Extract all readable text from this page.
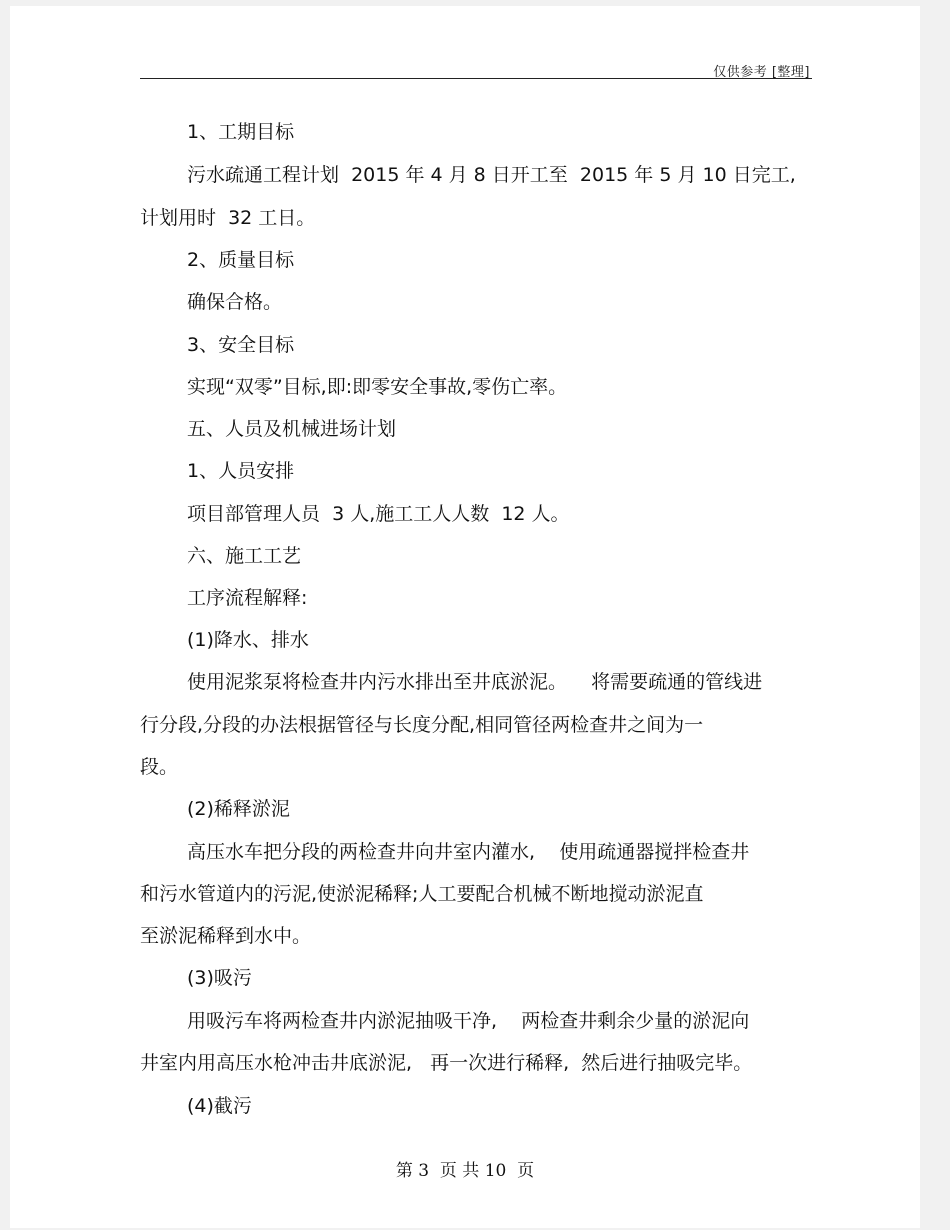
仅供参考 [整理]
1、工期目标
污水疏通工程计划  2015 年 4 月 8 日开工至  2015 年 5 月 10 日完工,
计划用时  32 工日。
2、质量目标
确保合格。
3、安全目标
实现“双零”目标,即:即零安全事故,零伤亡率。
五、人员及机械进场计划
1、人员安排
项目部管理人员  3 人,施工工人人数  12 人。
六、施工工艺
工序流程解释:
(1)降水、排水
使用泥浆泵将检查井内污水排出至井底淤泥。    将需要疏通的管线进
行分段,分段的办法根据管径与长度分配,相同管径两检查井之间为一
段。
(2)稀释淤泥
高压水车把分段的两检查井向井室内灌水,    使用疏通器搅拌检查井
和污水管道内的污泥,使淤泥稀释;人工要配合机械不断地搅动淤泥直
至淤泥稀释到水中。
(3)吸污
用吸污车将两检查井内淤泥抽吸干净,    两检查井剩余少量的淤泥向
井室内用高压水枪冲击井底淤泥,   再一次进行稀释,  然后进行抽吸完毕。
(4)截污
第 3  页 共 10  页
